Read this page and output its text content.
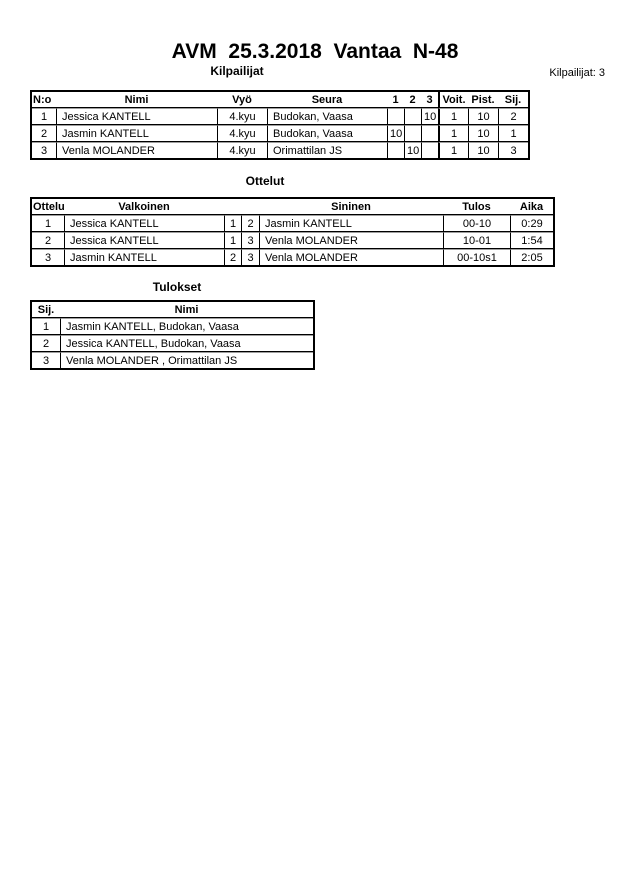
AVM  25.3.2018  Vantaa  N-48
Kilpailijat	Kilpailijat: 3
N:o	Nimi	Vyö	Seura	1	2	3	Voit.	Pist.	Sij.
1	Jessica KANTELL	4.kyu	Budokan, Vaasa			10	1	10	2
2	Jasmin KANTELL	4.kyu	Budokan, Vaasa	10			1	10	1
3	Venla MOLANDER	4.kyu	Orimattilan JS		10		1	10	3
Ottelut
Ottelu	Valkoinen			Sininen	Tulos	Aika
1	Jessica KANTELL	1	2	Jasmin KANTELL	00-10	0:29
2	Jessica KANTELL	1	3	Venla MOLANDER	10-01	1:54
3	Jasmin KANTELL	2	3	Venla MOLANDER	00-10s1	2:05
Tulokset
Sij.	Nimi
1	Jasmin KANTELL, Budokan, Vaasa
2	Jessica KANTELL, Budokan, Vaasa
3	Venla MOLANDER , Orimattilan JS
